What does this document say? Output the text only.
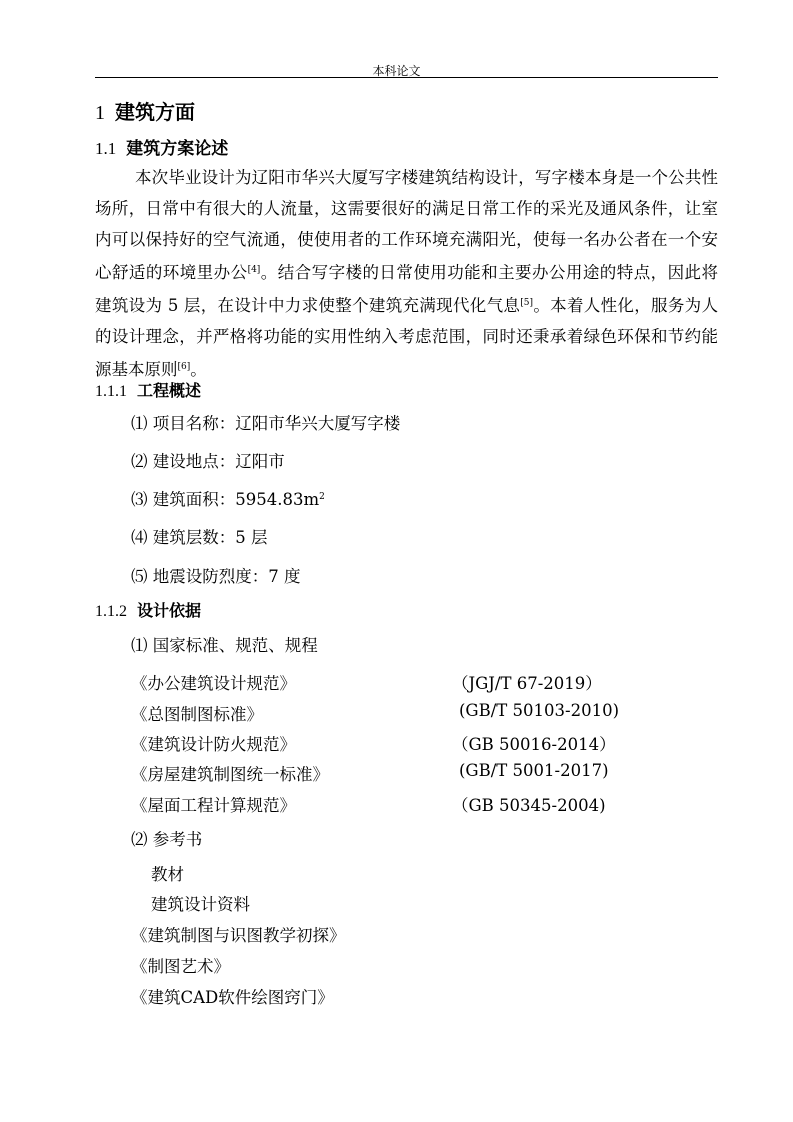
本科论文
1 建筑方面
1.1 建筑方案论述
本次毕业设计为辽阳市华兴大厦写字楼建筑结构设计，写字楼本身是一个公共性场所，日常中有很大的人流量，这需要很好的满足日常工作的采光及通风条件，让室内可以保持好的空气流通，使使用者的工作环境充满阳光，使每一名办公者在一个安心舒适的环境里办公[4]。结合写字楼的日常使用功能和主要办公用途的特点，因此将建筑设为 5 层，在设计中力求使整个建筑充满现代化气息[5]。本着人性化，服务为人的设计理念，并严格将功能的实用性纳入考虑范围，同时还秉承着绿色环保和节约能源基本原则[6]。
1.1.1 工程概述
⑴ 项目名称：辽阳市华兴大厦写字楼
⑵ 建设地点：辽阳市
⑶ 建筑面积：$5954.83m^2$
⑷ 建筑层数：5 层
⑸ 地震设防烈度：7 度
1.1.2 设计依据
⑴ 国家标准、规范、规程
《办公建筑设计规范》	（JGJ/T 67-2019）
《总图制图标准》	(GB/T 50103-2010)
《建筑设计防火规范》	（GB 50016-2014）
《房屋建筑制图统一标准》	(GB/T 5001-2017)
《屋面工程计算规范》	（GB 50345-2004)
⑵ 参考书
教材
建筑设计资料
《建筑制图与识图教学初探》
《制图艺术》
《建筑CAD软件绘图窍门》
